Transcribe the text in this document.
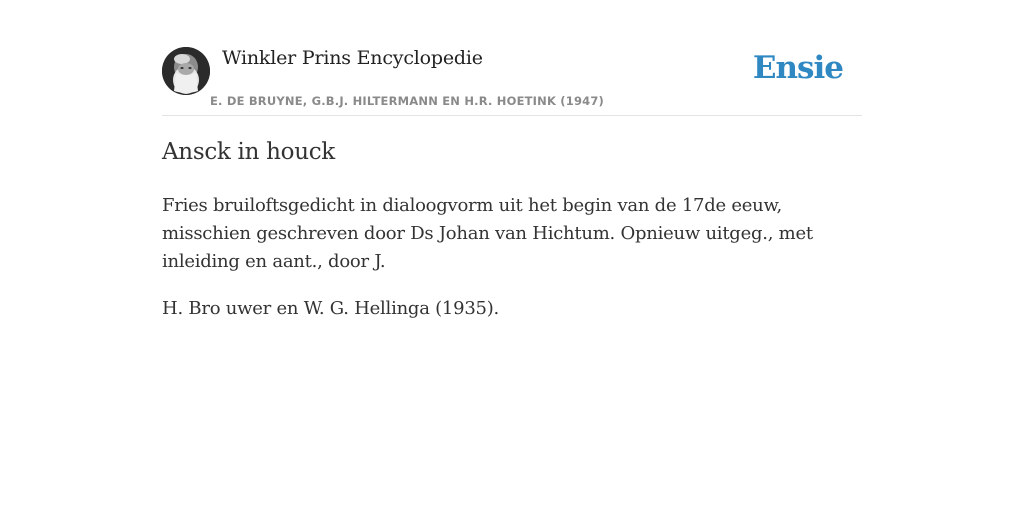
Winkler Prins Encyclopedie
E. DE BRUYNE, G.B.J. HILTERMANN EN H.R. HOETINK (1947)
Ensie
Ansck in houck

Fries bruiloftsgedicht in dialoogvorm uit het begin van de 17de eeuw, misschien geschreven door Ds Johan van Hichtum. Opnieuw uitgeg., met inleiding en aant., door J.

H. Bro uwer en W. G. Hellinga (1935).
